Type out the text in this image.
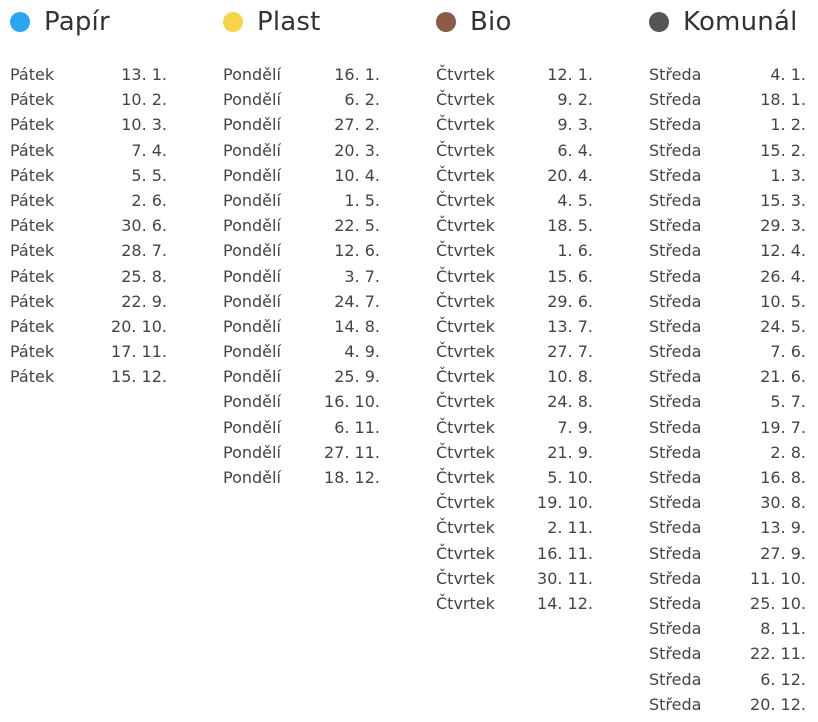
Papír
Pátek	13. 1.
Pátek	10. 2.
Pátek	10. 3.
Pátek	7. 4.
Pátek	5. 5.
Pátek	2. 6.
Pátek	30. 6.
Pátek	28. 7.
Pátek	25. 8.
Pátek	22. 9.
Pátek	20. 10.
Pátek	17. 11.
Pátek	15. 12.
Plast
Pondělí	16. 1.
Pondělí	6. 2.
Pondělí	27. 2.
Pondělí	20. 3.
Pondělí	10. 4.
Pondělí	1. 5.
Pondělí	22. 5.
Pondělí	12. 6.
Pondělí	3. 7.
Pondělí	24. 7.
Pondělí	14. 8.
Pondělí	4. 9.
Pondělí	25. 9.
Pondělí	16. 10.
Pondělí	6. 11.
Pondělí	27. 11.
Pondělí	18. 12.
Bio
Čtvrtek	12. 1.
Čtvrtek	9. 2.
Čtvrtek	9. 3.
Čtvrtek	6. 4.
Čtvrtek	20. 4.
Čtvrtek	4. 5.
Čtvrtek	18. 5.
Čtvrtek	1. 6.
Čtvrtek	15. 6.
Čtvrtek	29. 6.
Čtvrtek	13. 7.
Čtvrtek	27. 7.
Čtvrtek	10. 8.
Čtvrtek	24. 8.
Čtvrtek	7. 9.
Čtvrtek	21. 9.
Čtvrtek	5. 10.
Čtvrtek	19. 10.
Čtvrtek	2. 11.
Čtvrtek	16. 11.
Čtvrtek	30. 11.
Čtvrtek	14. 12.
Komunál
Středa	4. 1.
Středa	18. 1.
Středa	1. 2.
Středa	15. 2.
Středa	1. 3.
Středa	15. 3.
Středa	29. 3.
Středa	12. 4.
Středa	26. 4.
Středa	10. 5.
Středa	24. 5.
Středa	7. 6.
Středa	21. 6.
Středa	5. 7.
Středa	19. 7.
Středa	2. 8.
Středa	16. 8.
Středa	30. 8.
Středa	13. 9.
Středa	27. 9.
Středa	11. 10.
Středa	25. 10.
Středa	8. 11.
Středa	22. 11.
Středa	6. 12.
Středa	20. 12.
